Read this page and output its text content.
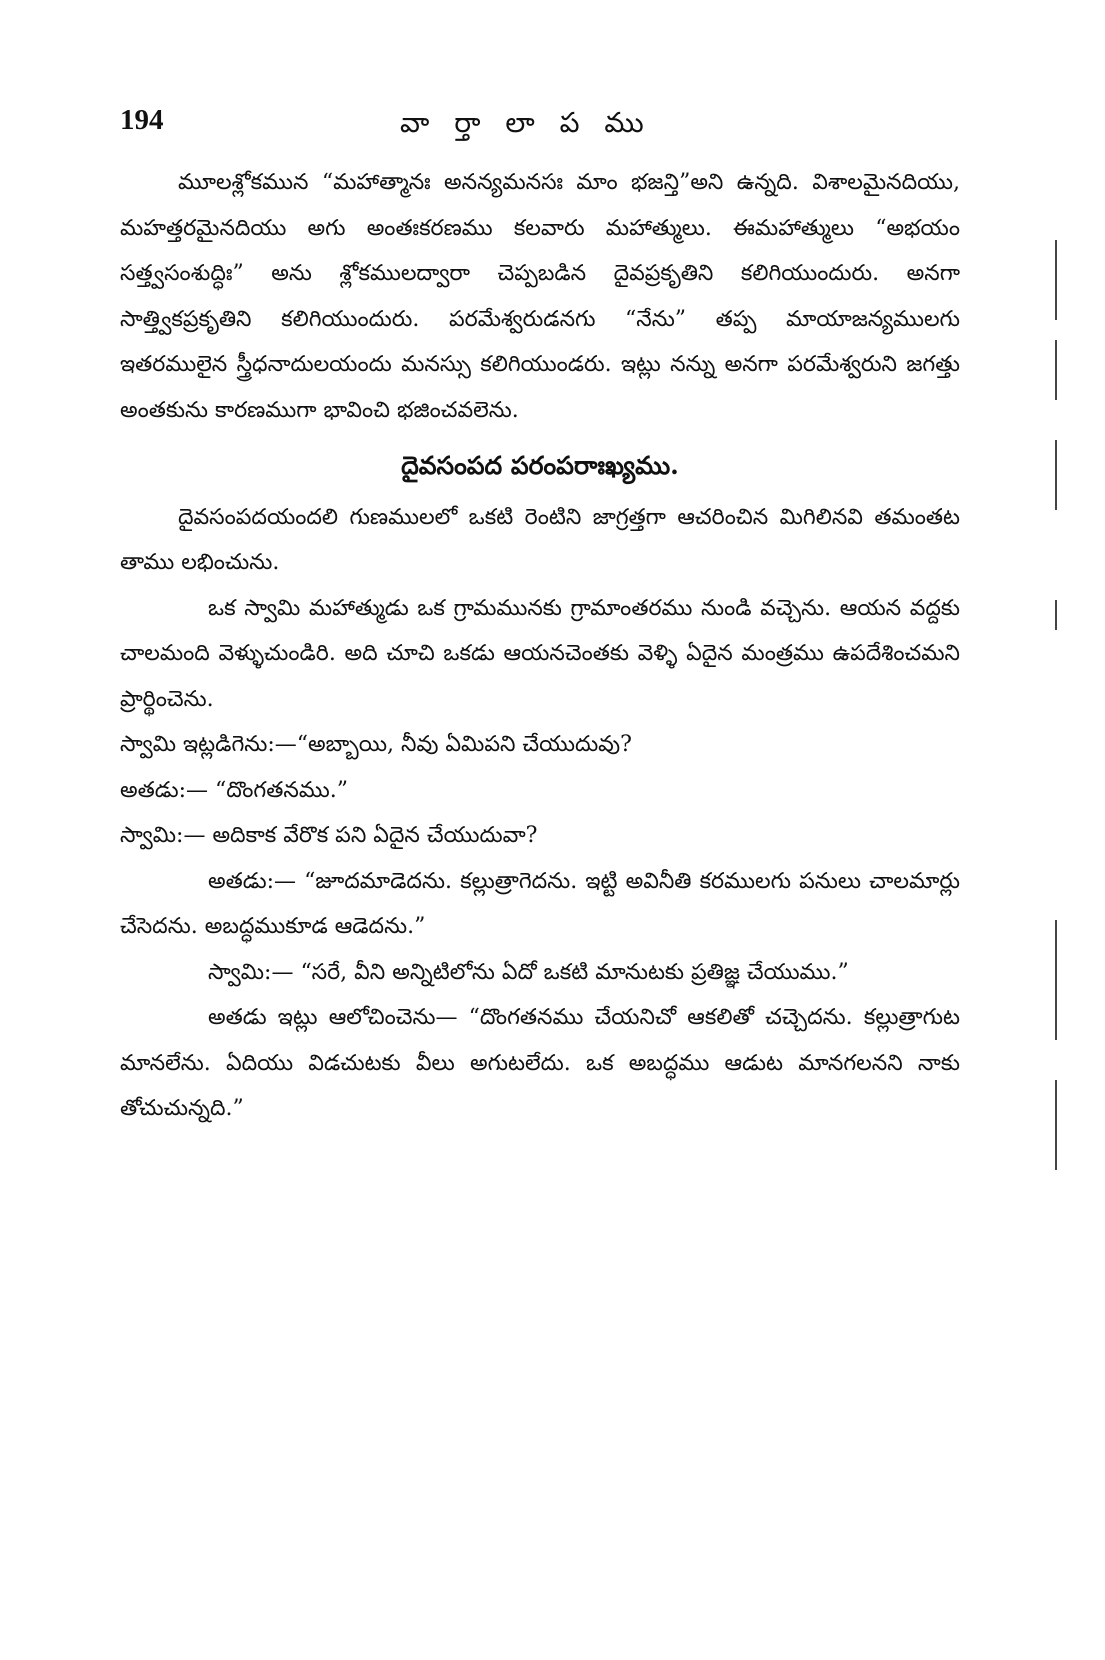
194	వా ర్తా లా ప ము

మూలశ్లోకమున “మహాత్మానః అనన్యమనసః మాం భజన్తి”అని ఉన్నది. విశాలమైనదియు, మహత్తరమైనదియు అగు అంతఃకరణము కలవారు మహాత్ములు. ఈమహాత్ములు “అభయం సత్త్వసంశుద్ధిః” అను శ్లోకములద్వారా చెప్పబడిన దైవప్రకృతిని కలిగియుందురు. అనగా సాత్త్వికప్రకృతిని కలిగియుందురు. పరమేశ్వరుడనగు “నేను” తప్ప మాయాజన్యములగు ఇతరములైన స్త్రీధనాదులయందు మనస్సు కలిగియుండరు. ఇట్లు నన్ను అనగా పరమేశ్వరుని జగత్తు అంతకును కారణముగా భావించి భజించవలెను.

దైవసంపద పరంపరాఃఖ్యము.

దైవసంపదయందలి గుణములలో ఒకటి రెంటిని జాగ్రత్తగా ఆచరించిన మిగిలినవి తమంతట తాము లభించును.

ఒక స్వామి మహాత్ముడు ఒక గ్రామమునకు గ్రామాంతరము నుండి వచ్చెను. ఆయన వద్దకు చాలమంది వెళ్ళుచుండిరి. అది చూచి ఒకడు ఆయనచెంతకు వెళ్ళి ఏదైన మంత్రము ఉపదేశించమని ప్రార్థించెను.

స్వామి ఇట్లడిగెను:—“అబ్బాయి, నీవు ఏమిపని చేయుదువు?

అతడు:— “దొంగతనము.”

స్వామి:— అదికాక వేరొక పని ఏదైన చేయుదువా?

అతడు:— “జూదమాడెదను. కల్లుత్రాగెదను. ఇట్టి అవినీతి కరములగు పనులు చాలమార్లు చేసెదను. అబద్ధముకూడ ఆడెదను.”

స్వామి:— “సరే, వీని అన్నిటిలోను ఏదో ఒకటి మానుటకు ప్రతిజ్ఞ చేయుము.”

అతడు ఇట్లు ఆలోచించెను— “దొంగతనము చేయనిచో ఆకలితో చచ్చెదను. కల్లుత్రాగుట మానలేను. ఏదియు విడచుటకు వీలు అగుటలేదు. ఒక అబద్ధము ఆడుట మానగలనని నాకు తోచుచున్నది.”
